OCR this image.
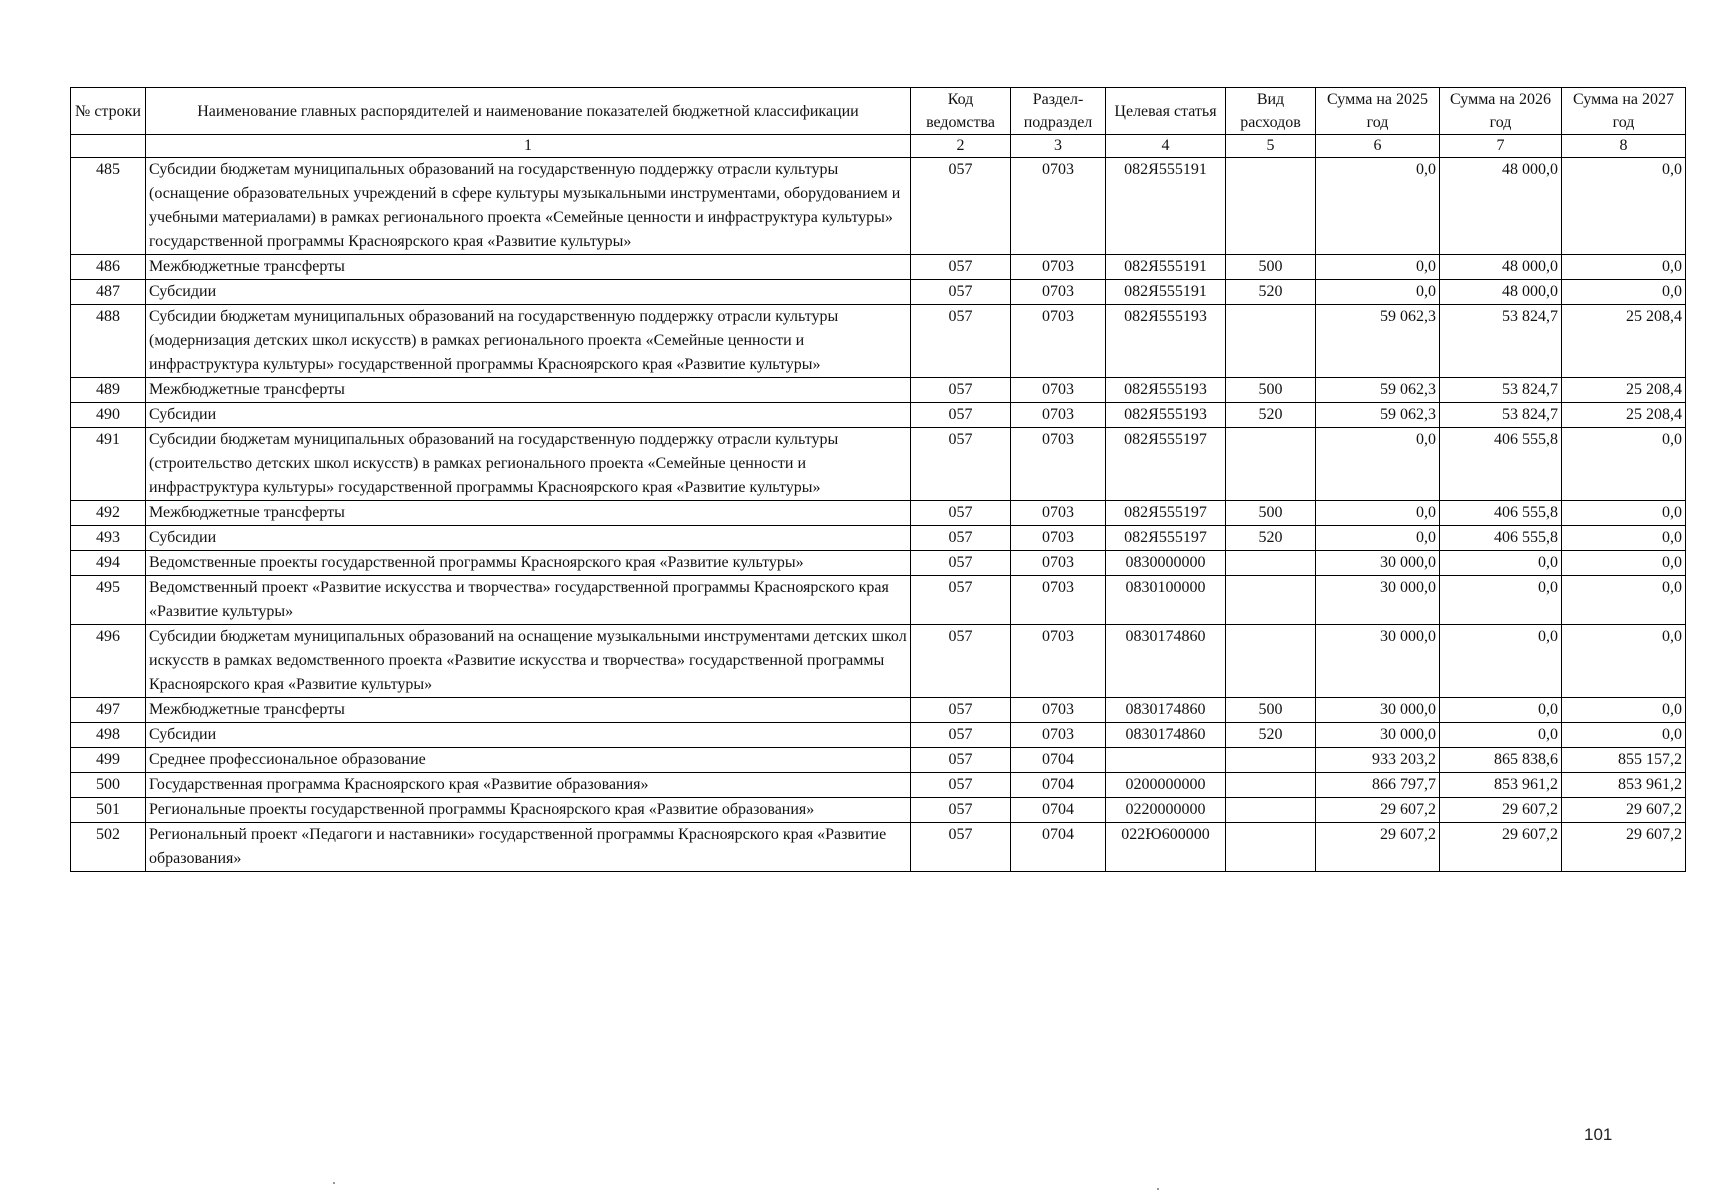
№ строки	Наименование главных распорядителей и наименование показателей бюджетной классификации	Код ведомства	Раздел-подраздел	Целевая статья	Вид расходов	Сумма на 2025 год	Сумма на 2026 год	Сумма на 2027 год
	1	2	3	4	5	6	7	8
485	Субсидии бюджетам муниципальных образований на государственную поддержку отрасли культуры (оснащение образовательных учреждений в сфере культуры музыкальными инструментами, оборудованием и учебными материалами) в рамках регионального проекта «Семейные ценности и инфраструктура культуры» государственной программы Красноярского края «Развитие культуры»	057	0703	082Я555191		0,0	48 000,0	0,0
486	Межбюджетные трансферты	057	0703	082Я555191	500	0,0	48 000,0	0,0
487	Субсидии	057	0703	082Я555191	520	0,0	48 000,0	0,0
488	Субсидии бюджетам муниципальных образований на государственную поддержку отрасли культуры (модернизация детских школ искусств) в рамках регионального проекта «Семейные ценности и инфраструктура культуры» государственной программы Красноярского края «Развитие культуры»	057	0703	082Я555193		59 062,3	53 824,7	25 208,4
489	Межбюджетные трансферты	057	0703	082Я555193	500	59 062,3	53 824,7	25 208,4
490	Субсидии	057	0703	082Я555193	520	59 062,3	53 824,7	25 208,4
491	Субсидии бюджетам муниципальных образований на государственную поддержку отрасли культуры (строительство детских школ искусств) в рамках регионального проекта «Семейные ценности и инфраструктура культуры» государственной программы Красноярского края «Развитие культуры»	057	0703	082Я555197		0,0	406 555,8	0,0
492	Межбюджетные трансферты	057	0703	082Я555197	500	0,0	406 555,8	0,0
493	Субсидии	057	0703	082Я555197	520	0,0	406 555,8	0,0
494	Ведомственные проекты государственной программы Красноярского края «Развитие культуры»	057	0703	0830000000		30 000,0	0,0	0,0
495	Ведомственный проект «Развитие искусства и творчества» государственной программы Красноярского края «Развитие культуры»	057	0703	0830100000		30 000,0	0,0	0,0
496	Субсидии бюджетам муниципальных образований на оснащение музыкальными инструментами детских школ искусств в рамках ведомственного проекта «Развитие искусства и творчества» государственной программы Красноярского края «Развитие культуры»	057	0703	0830174860		30 000,0	0,0	0,0
497	Межбюджетные трансферты	057	0703	0830174860	500	30 000,0	0,0	0,0
498	Субсидии	057	0703	0830174860	520	30 000,0	0,0	0,0
499	Среднее профессиональное образование	057	0704			933 203,2	865 838,6	855 157,2
500	Государственная программа Красноярского края «Развитие образования»	057	0704	0200000000		866 797,7	853 961,2	853 961,2
501	Региональные проекты государственной программы Красноярского края «Развитие образования»	057	0704	0220000000		29 607,2	29 607,2	29 607,2
502	Региональный проект «Педагоги и наставники» государственной программы Красноярского края «Развитие образования»	057	0704	022Ю600000		29 607,2	29 607,2	29 607,2
101
